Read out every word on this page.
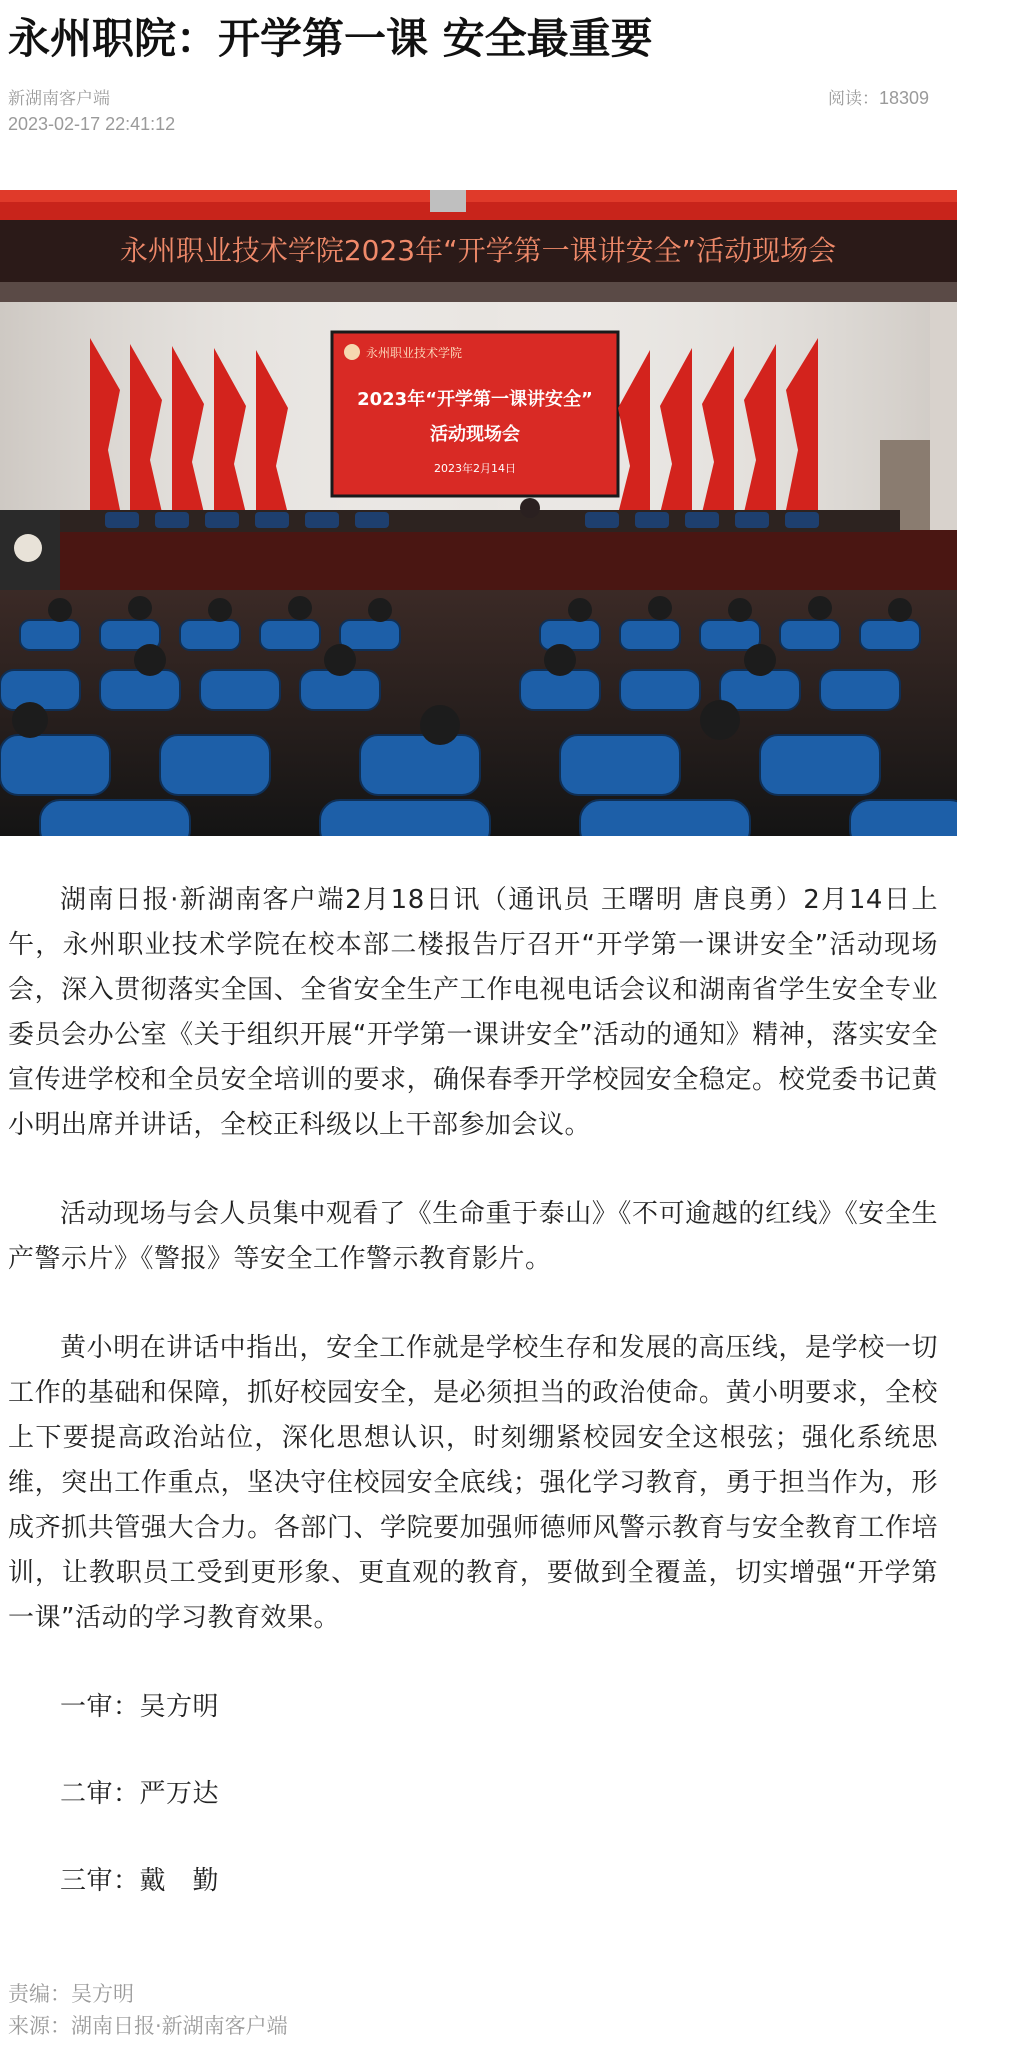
永州职院：开学第一课 安全最重要
新湖南客户端
2023-02-17 22:41:12
阅读：18309
永州职业技术学院2023年“开学第一课讲安全”活动现场会
永州职业技术学院
2023年“开学第一课讲安全”
活动现场会
2023年2月14日

湖南日报·新湖南客户端2月18日讯（通讯员 王曙明 唐良勇）2月14日上午，永州职业技术学院在校本部二楼报告厅召开“开学第一课讲安全”活动现场会，深入贯彻落实全国、全省安全生产工作电视电话会议和湖南省学生安全专业委员会办公室《关于组织开展“开学第一课讲安全”活动的通知》精神，落实安全宣传进学校和全员安全培训的要求，确保春季开学校园安全稳定。校党委书记黄小明出席并讲话，全校正科级以上干部参加会议。

活动现场与会人员集中观看了《生命重于泰山》《不可逾越的红线》《安全生产警示片》《警报》等安全工作警示教育影片。

黄小明在讲话中指出，安全工作就是学校生存和发展的高压线，是学校一切工作的基础和保障，抓好校园安全，是必须担当的政治使命。黄小明要求，全校上下要提高政治站位，深化思想认识，时刻绷紧校园安全这根弦；强化系统思维，突出工作重点，坚决守住校园安全底线；强化学习教育，勇于担当作为，形成齐抓共管强大合力。各部门、学院要加强师德师风警示教育与安全教育工作培训，让教职员工受到更形象、更直观的教育，要做到全覆盖，切实增强“开学第一课”活动的学习教育效果。

一审：吴方明
二审：严万达
三审：戴　勤
责编：吴方明
来源：湖南日报·新湖南客户端
